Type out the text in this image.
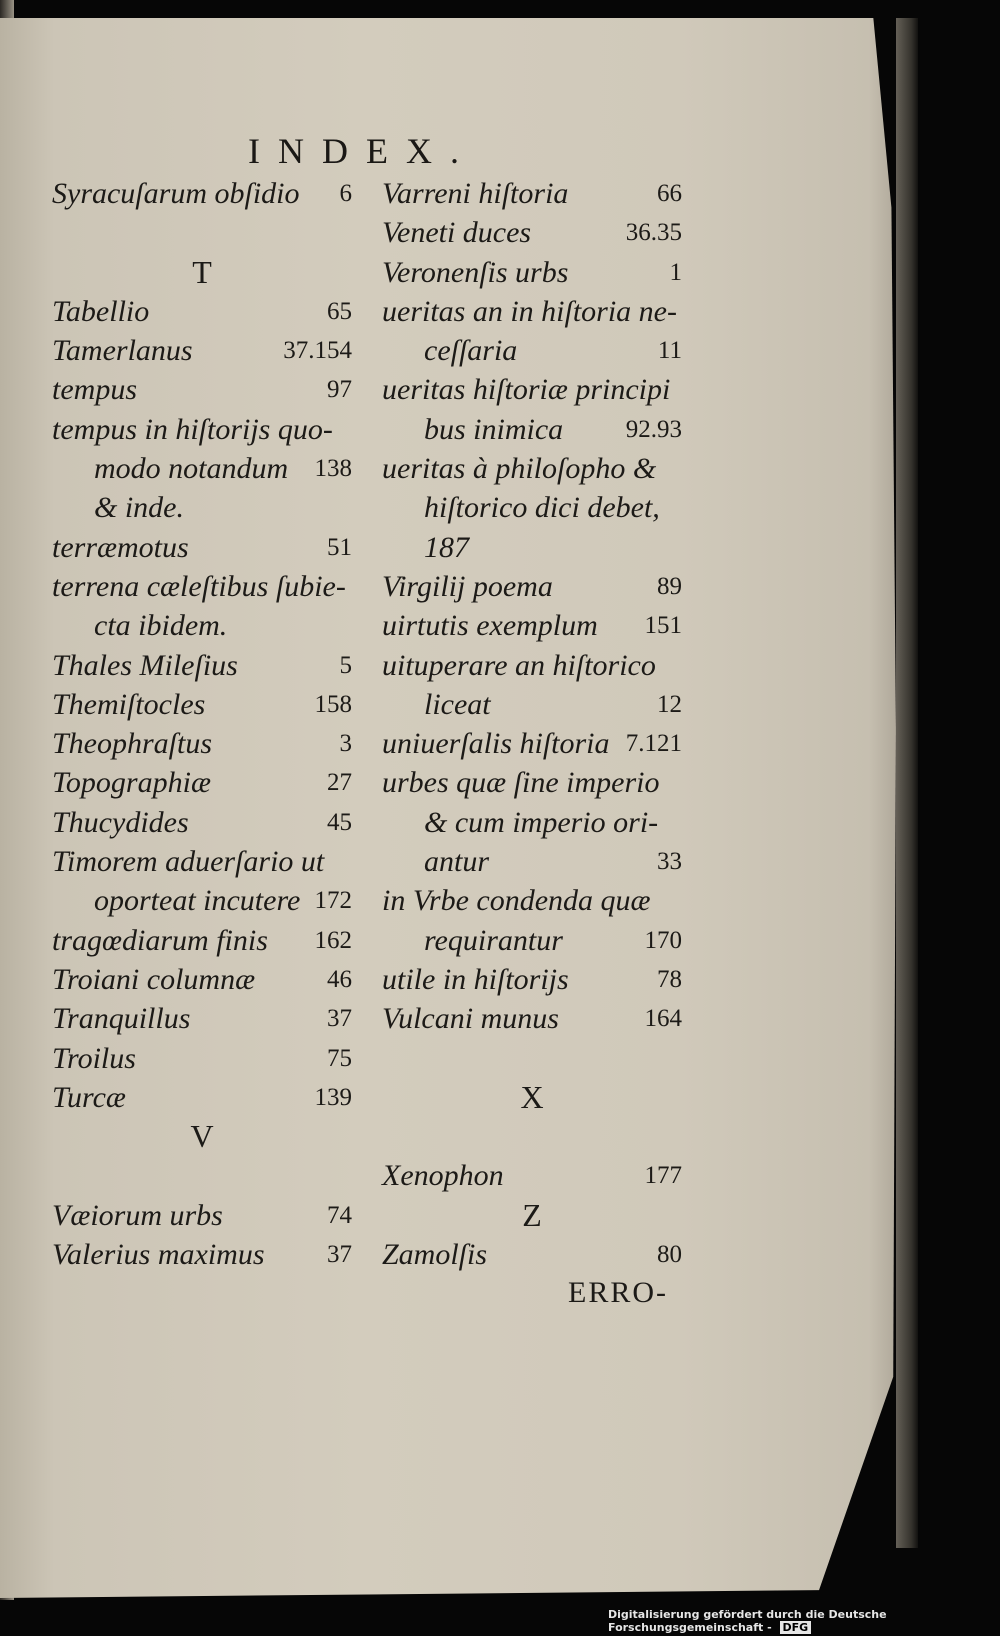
INDEX.
Syracuſarum obſidio 6
T
Tabellio	65
Tamerlanus	37.154
tempus	97
tempus in hiſtorijs quo-
modo notandum 138
& inde.
terræmotus	51
terrena cæleſtibus ſubie-
cta ibidem.
Thales Mileſius	5
Themiſtocles	158
Theophraſtus	3
Topographiæ	27
Thucydides	45
Timorem aduerſario ut
oporteat incutere 172
tragœdiarum finis 162
Troiani columnæ	46
Tranquillus	37
Troilus	75
Turcæ	139
V
Væiorum urbs	74
Valerius maximus	37
Varreni hiſtoria	66
Veneti duces	36.35
Veronenſis urbs	1
ueritas an in hiſtoria ne-
ceſſaria	11
ueritas hiſtoriæ principi
bus inimica	92.93
ueritas à philoſopho &
hiſtorico dici debet,
187
Virgilij poema	89
uirtutis exemplum 151
uituperare an hiſtorico
liceat	12
uniuerſalis hiſtoria 7.121
urbes quæ ſine imperio
& cum imperio ori-
antur	33
in Vrbe condenda quæ
requirantur	170
utile in hiſtorijs	78
Vulcani munus	164
X
Xenophon	177
Z
Zamolſis	80
ERRO-
Digitalisierung gefördert durch die Deutsche Forschungsgemeinschaft - DFG
